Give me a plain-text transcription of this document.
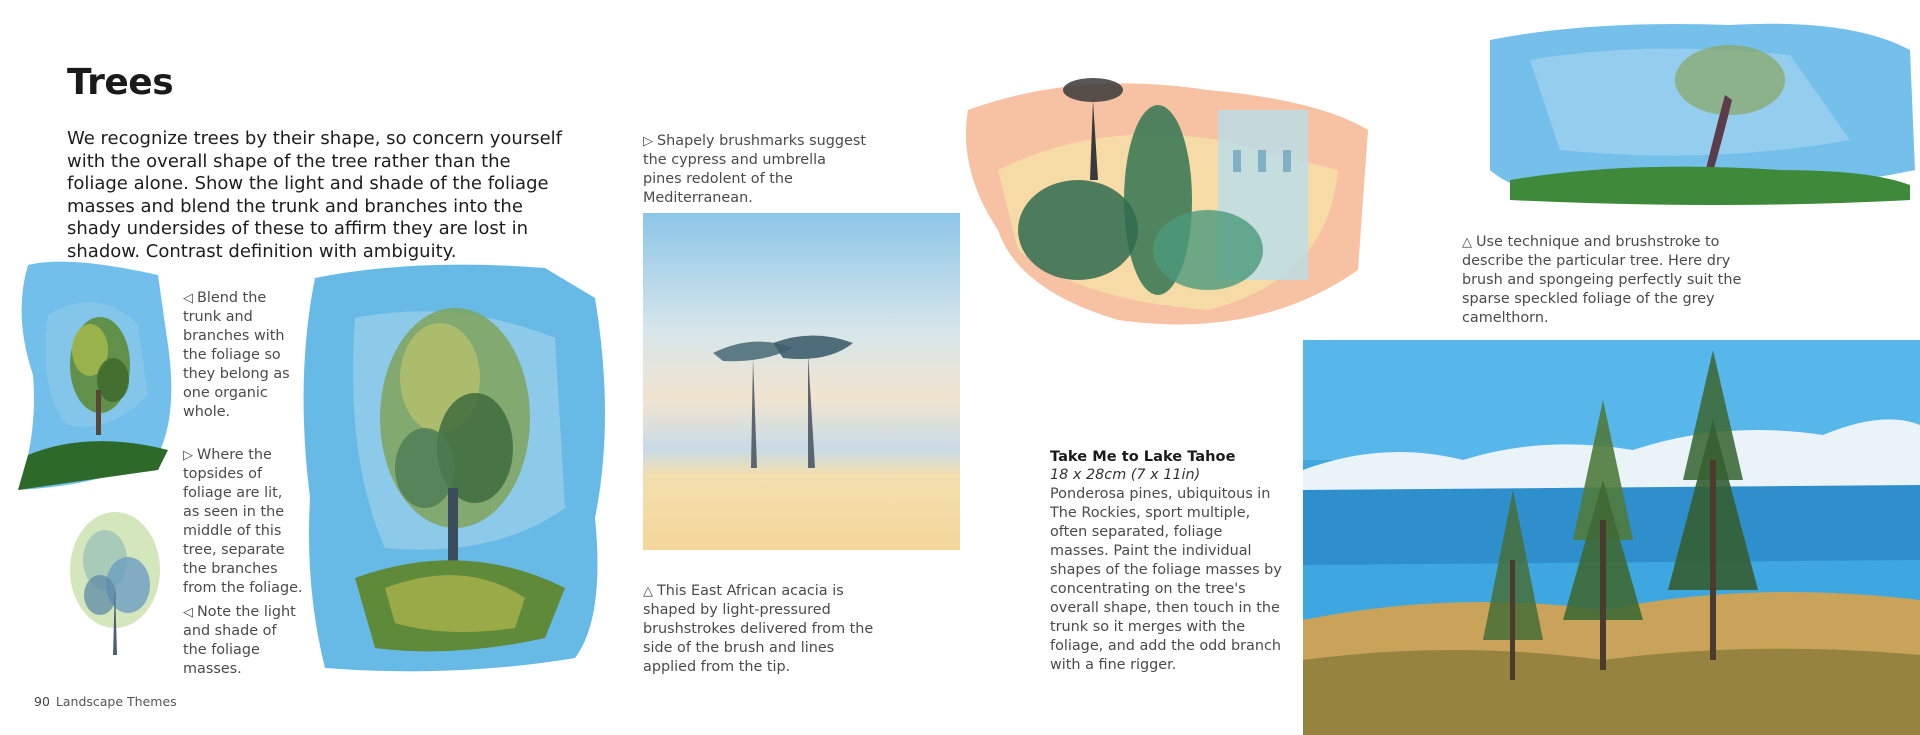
Trees

We recognize trees by their shape, so concern yourself with the overall shape of the tree rather than the foliage alone. Show the light and shade of the foliage masses and blend the trunk and branches into the shady undersides of these to affirm they are lost in shadow. Contrast definition with ambiguity.

◁ Blend the trunk and branches with the foliage so they belong as one organic whole.

▷ Where the topsides of foliage are lit, as seen in the middle of this tree, separate the branches from the foliage.

◁ Note the light and shade of the foliage masses.

▷ Shapely brushmarks suggest the cypress and umbrella pines redolent of the Mediterranean.

△ This East African acacia is shaped by light-pressured brushstrokes delivered from the side of the brush and lines applied from the tip.

△ Use technique and brushstroke to describe the particular tree. Here dry brush and spongeing perfectly suit the sparse speckled foliage of the grey camelthorn.

Take Me to Lake Tahoe
18 x 28cm (7 x 11in)
Ponderosa pines, ubiquitous in The Rockies, sport multiple, often separated, foliage masses. Paint the individual shapes of the foliage masses by concentrating on the tree's overall shape, then touch in the trunk so it merges with the foliage, and add the odd branch with a fine rigger.
90 Landscape Themes
